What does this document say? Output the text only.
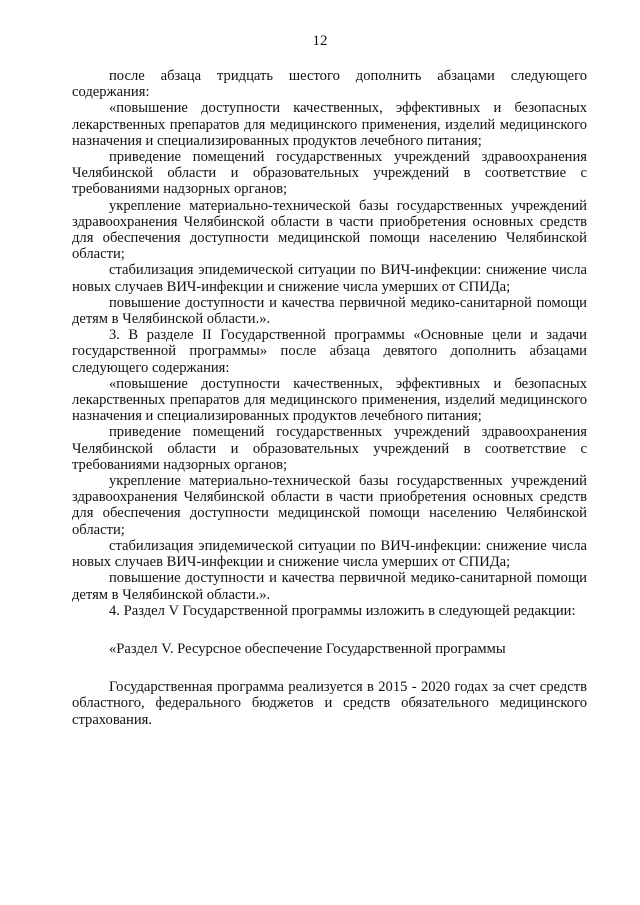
12

после абзаца тридцать шестого дополнить абзацами следующего содержания:

«повышение доступности качественных, эффективных и безопасных лекарственных препаратов для медицинского применения, изделий медицинского назначения и специализированных продуктов лечебного питания;

приведение помещений государственных учреждений здравоохранения Челябинской области и образовательных учреждений в соответствие с требованиями надзорных органов;

укрепление материально-технической базы государственных учреждений здравоохранения Челябинской области в части приобретения основных средств для обеспечения доступности медицинской помощи населению Челябинской области;

стабилизация эпидемической ситуации по ВИЧ-инфекции: снижение числа новых случаев ВИЧ-инфекции и снижение числа умерших от СПИДа;

повышение доступности и качества первичной медико-санитарной помощи детям в Челябинской области.».

3. В разделе II Государственной программы «Основные цели и задачи государственной программы» после абзаца девятого дополнить абзацами следующего содержания:

«повышение доступности качественных, эффективных и безопасных лекарственных препаратов для медицинского применения, изделий медицинского назначения и специализированных продуктов лечебного питания;

приведение помещений государственных учреждений здравоохранения Челябинской области и образовательных учреждений в соответствие с требованиями надзорных органов;

укрепление материально-технической базы государственных учреждений здравоохранения Челябинской области в части приобретения основных средств для обеспечения доступности медицинской помощи населению Челябинской области;

стабилизация эпидемической ситуации по ВИЧ-инфекции: снижение числа новых случаев ВИЧ-инфекции и снижение числа умерших от СПИДа;

повышение доступности и качества первичной медико-санитарной помощи детям в Челябинской области.».

4. Раздел V Государственной программы изложить в следующей редакции:

«Раздел V. Ресурсное обеспечение Государственной программы

Государственная программа реализуется в 2015 - 2020 годах за счет средств областного, федерального бюджетов и средств обязательного медицинского страхования.
